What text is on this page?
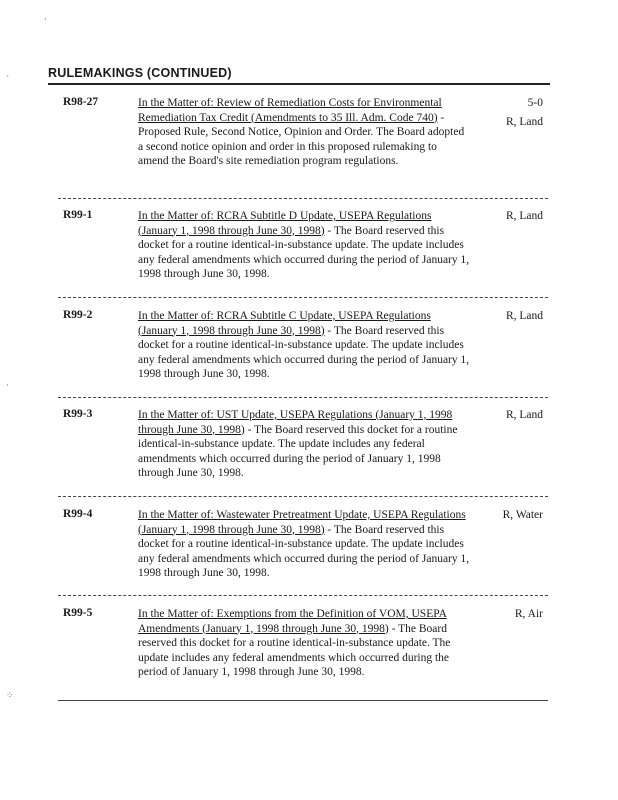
·
ˊ
·
⁘
RULEMAKINGS (CONTINUED)
R98-27	In the Matter of: Review of Remediation Costs for Environmental Remediation Tax Credit (Amendments to 35 Ill. Adm. Code 740) - Proposed Rule, Second Notice, Opinion and Order. The Board adopted a second notice opinion and order in this proposed rulemaking to amend the Board's site remediation program regulations.
5-0
R, Land
R99-1	In the Matter of: RCRA Subtitle D Update, USEPA Regulations (January 1, 1998 through June 30, 1998) - The Board reserved this docket for a routine identical-in-substance update. The update includes any federal amendments which occurred during the period of January 1, 1998 through June 30, 1998.
R, Land
R99-2	In the Matter of: RCRA Subtitle C Update, USEPA Regulations (January 1, 1998 through June 30, 1998) - The Board reserved this docket for a routine identical-in-substance update. The update includes any federal amendments which occurred during the period of January 1, 1998 through June 30, 1998.
R, Land
R99-3	In the Matter of: UST Update, USEPA Regulations (January 1, 1998 through June 30, 1998) - The Board reserved this docket for a routine identical-in-substance update. The update includes any federal amendments which occurred during the period of January 1, 1998 through June 30, 1998.
R, Land
R99-4	In the Matter of: Wastewater Pretreatment Update, USEPA Regulations (January 1, 1998 through June 30, 1998) - The Board reserved this docket for a routine identical-in-substance update. The update includes any federal amendments which occurred during the period of January 1, 1998 through June 30, 1998.
R, Water
R99-5	In the Matter of: Exemptions from the Definition of VOM, USEPA Amendments (January 1, 1998 through June 30, 1998) - The Board reserved this docket for a routine identical-in-substance update. The update includes any federal amendments which occurred during the period of January 1, 1998 through June 30, 1998.
R, Air
